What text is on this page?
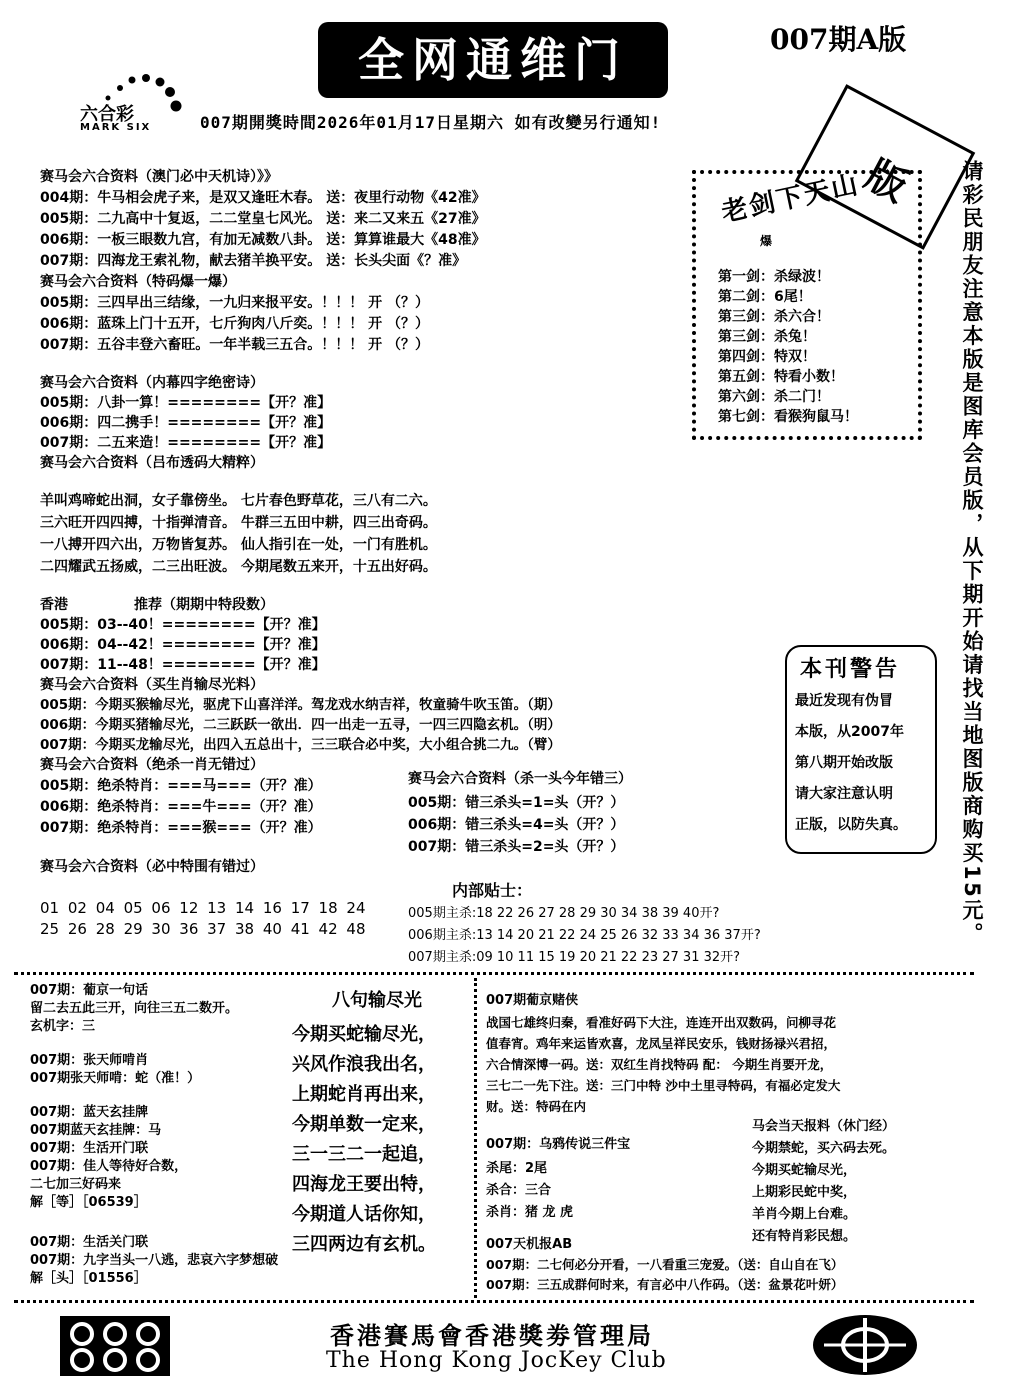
全网通维门	007期A版
六合彩
MARK SIX	007期開獎時間2026年01月17日星期六 如有改變另行通知!
版 请彩民朋友注意本版是图库会员版，从下期开始请找当地图版商购买15元。
赛马会六合资料（澳门必中天机诗）》》
004期：牛马相会虎子来，是双又逢旺木春。 送：夜里行动物《42准》
005期：二九高中十复返，二二堂皇七风光。 送：来二又来五《27准》
006期：一板三眼数九宫，有加无减数八卦。 送：算算谁最大《48准》
007期：四海龙王索礼物，献去猪羊换平安。 送：长头尖面《？准》
赛马会六合资料（特码爆一爆）
005期：三四早出三结缘，一九归来报平安。！！！ 开 （？）
006期：蓝珠上门十五开，七斤狗肉八斤奕。！！！ 开 （？）
007期：五谷丰登六畜旺。一年半载三五合。！！！ 开 （？）
赛马会六合资料（内幕四字绝密诗）
005期：八卦一算！========【开？准】
006期：四二携手！========【开？准】
007期：二五来造！========【开？准】
赛马会六合资料（吕布透码大精粹）
羊叫鸡啼蛇出洞，女子靠傍坐。 七片春色野草花，三八有二六。
三六旺开四四搏，十指弹清音。 牛群三五田中耕，四三出奇码。
一八搏开四六出，万物皆复苏。 仙人指引在一处，一门有胜机。
二四耀武五扬威，二三出旺波。 今期尾数五来开，十五出好码。
香港	推荐（期期中特段数）
005期：03--40！========【开？准】
006期：04--42！========【开？准】
007期：11--48！========【开？准】
赛马会六合资料（买生肖输尽光料）
005期：今期买猴输尽光，驱虎下山喜洋洋。驾龙戏水纳吉祥，牧童骑牛吹玉笛。（期）
006期：今期买猪输尽光，二三跃跃一欲出．四一出走一五寻，一四三四隐玄机。（明）
007期：今期买龙输尽光，出四入五总出十，三三联合必中奖，大小组合挑二九。（臂）
赛马会六合资料（绝杀一肖无错过）
005期：绝杀特肖：===马===（开？准）
006期：绝杀特肖：===牛===（开？准）
007期：绝杀特肖：===猴===（开？准）
赛马会六合资料（杀一头今年错三）
005期：错三杀头=1=头（开？）
006期：错三杀头=4=头（开？）
007期：错三杀头=2=头（开？）
赛马会六合资料（必中特围有错过）
01 02 04 05 06 12 13 14 16 17 18 24
25 26 28 29 30 36 37 38 40 41 42 48
内部贴士：
005期主杀:18 22 26 27 28 29 30 34 38 39 40开?
006期主杀:13 14 20 21 22 24 25 26 32 33 34 36 37开?
007期主杀:09 10 11 15 19 20 21 22 23 27 31 32开?
老剑下天山
爆
第一剑：杀绿波！
第二剑：6尾！
第三剑：杀六合！
第三剑：杀兔！
第四剑：特双！
第五剑：特看小数！
第六剑：杀二门！
第七剑：看猴狗鼠马！
本刊警告
最近发现有伪冒
本版，从2007年
第八期开始改版
请大家注意认明
正版，以防失真。
007期：葡京一句话
留二去五此三开，向往三五二数开。
玄机字：三
007期：张天师啃肖
007期张天师啃：蛇（准！）
007期：蓝天玄挂牌
007期蓝天玄挂牌：马
007期：生活开门联
007期：佳人等待好合数，
二七加三好码来
解［等］［06539］
007期：生活关门联
007期：九字当头一八逃，悲哀六字梦想破
解［头］［01556］
八句输尽光
今期买蛇输尽光，
兴风作浪我出名，
上期蛇肖再出来，
今期单数一定来，
三一三二一起追，
四海龙王要出特，
今期道人话你知，
三四两边有玄机。
007期葡京赌侠
战国七雄终归秦，看准好码下大注，连连开出双数码，问柳寻花
值春宵。鸡年来运皆欢喜，龙凤呈祥民安乐，钱财扬禄兴君招，
六合情深博一码。送：双红生肖找特码 配： 今期生肖要开龙，
三七二一先下注。送：三门中特 沙中土里寻特码，有福必定发大
财。送：特码在内
007期：乌鸦传说三件宝
杀尾：2尾
杀合：三合
杀肖：猪 龙 虎
马会当天报料（休门经）
今期禁蛇，买六码去死。
今期买蛇输尽光，
上期彩民蛇中奖，
羊肖今期上台难。
还有特肖彩民想。
007天机报AB
007期：二七何必分开看，一八看重三宠爱。（送：自山自在飞）
007期：三五成群何时来，有言必中八作码。（送：盆景花叶妍）
香港賽馬會香港獎劵管理局
The Hong Kong JocKey Club
